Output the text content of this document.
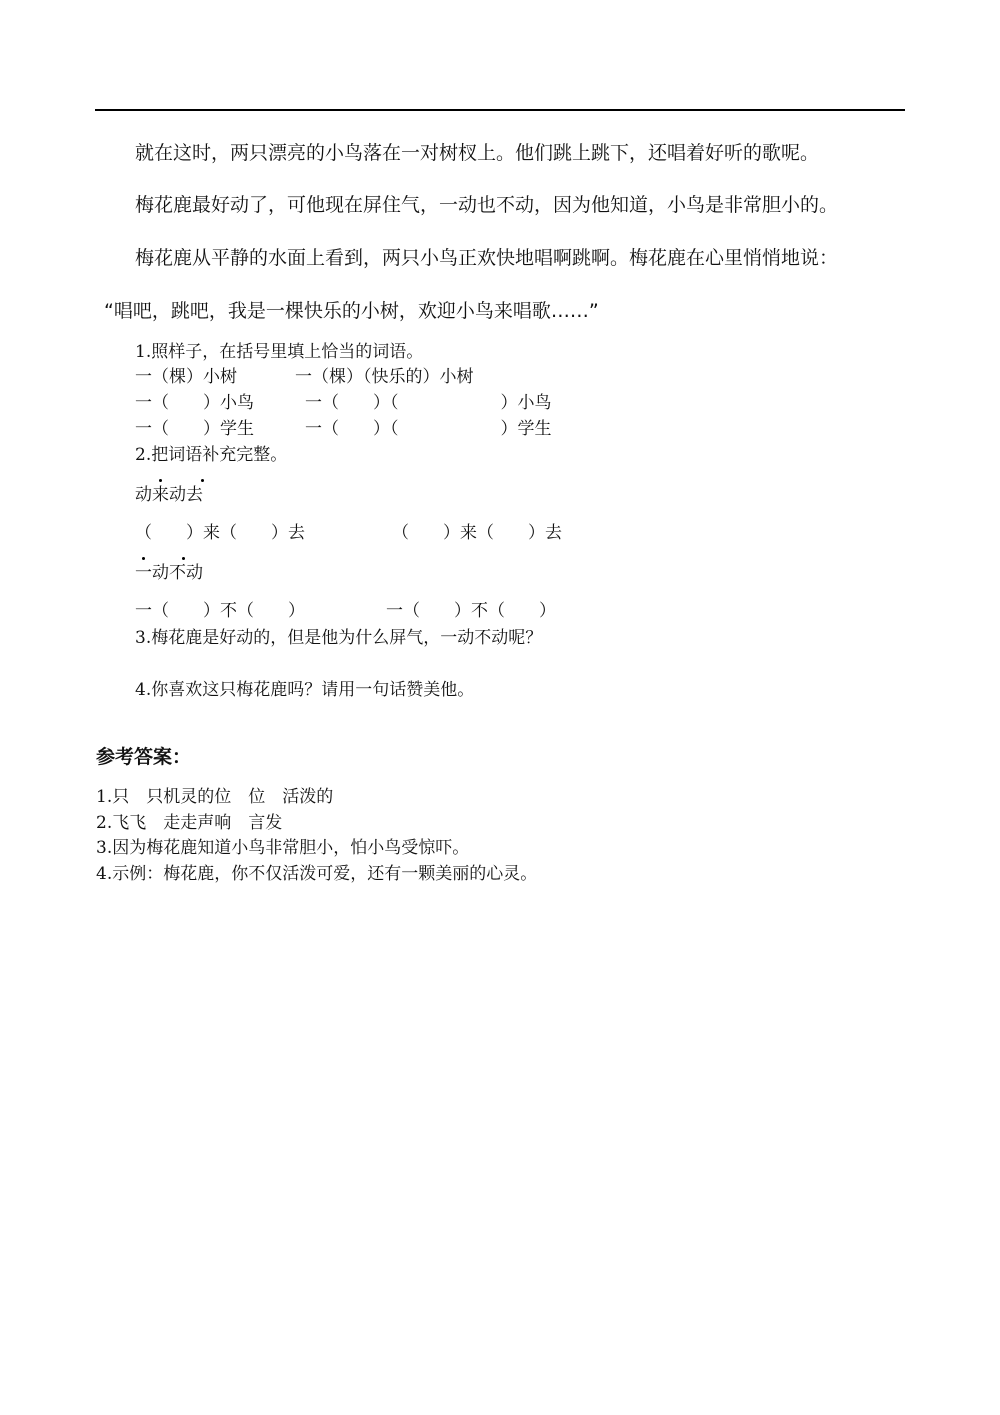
就在这时，两只漂亮的小鸟落在一对树杈上。他们跳上跳下，还唱着好听的歌呢。
梅花鹿最好动了，可他现在屏住气，一动也不动，因为他知道，小鸟是非常胆小的。
梅花鹿从平静的水面上看到，两只小鸟正欢快地唱啊跳啊。梅花鹿在心里悄悄地说：
“唱吧，跳吧，我是一棵快乐的小树，欢迎小鸟来唱歌……”
1.照样子，在括号里填上恰当的词语。
一（棵）小树	一（棵）（快乐的）小树
一（　　）小鸟	一（　　）（　　　　　　）小鸟
一（　　）学生	一（　　）（　　　　　　）学生
2.把词语补充完整。
动来动去
（　　）来（　　）去	（　　）来（　　）去
一动不动
一（　　）不（　　）	一（　　）不（　　）
3.梅花鹿是好动的，但是他为什么屏气，一动不动呢？
4.你喜欢这只梅花鹿吗？请用一句话赞美他。
参考答案：
1.只　只机灵的位　位　活泼的
2.飞飞　走走声响　言发
3.因为梅花鹿知道小鸟非常胆小，怕小鸟受惊吓。
4.示例：梅花鹿，你不仅活泼可爱，还有一颗美丽的心灵。
